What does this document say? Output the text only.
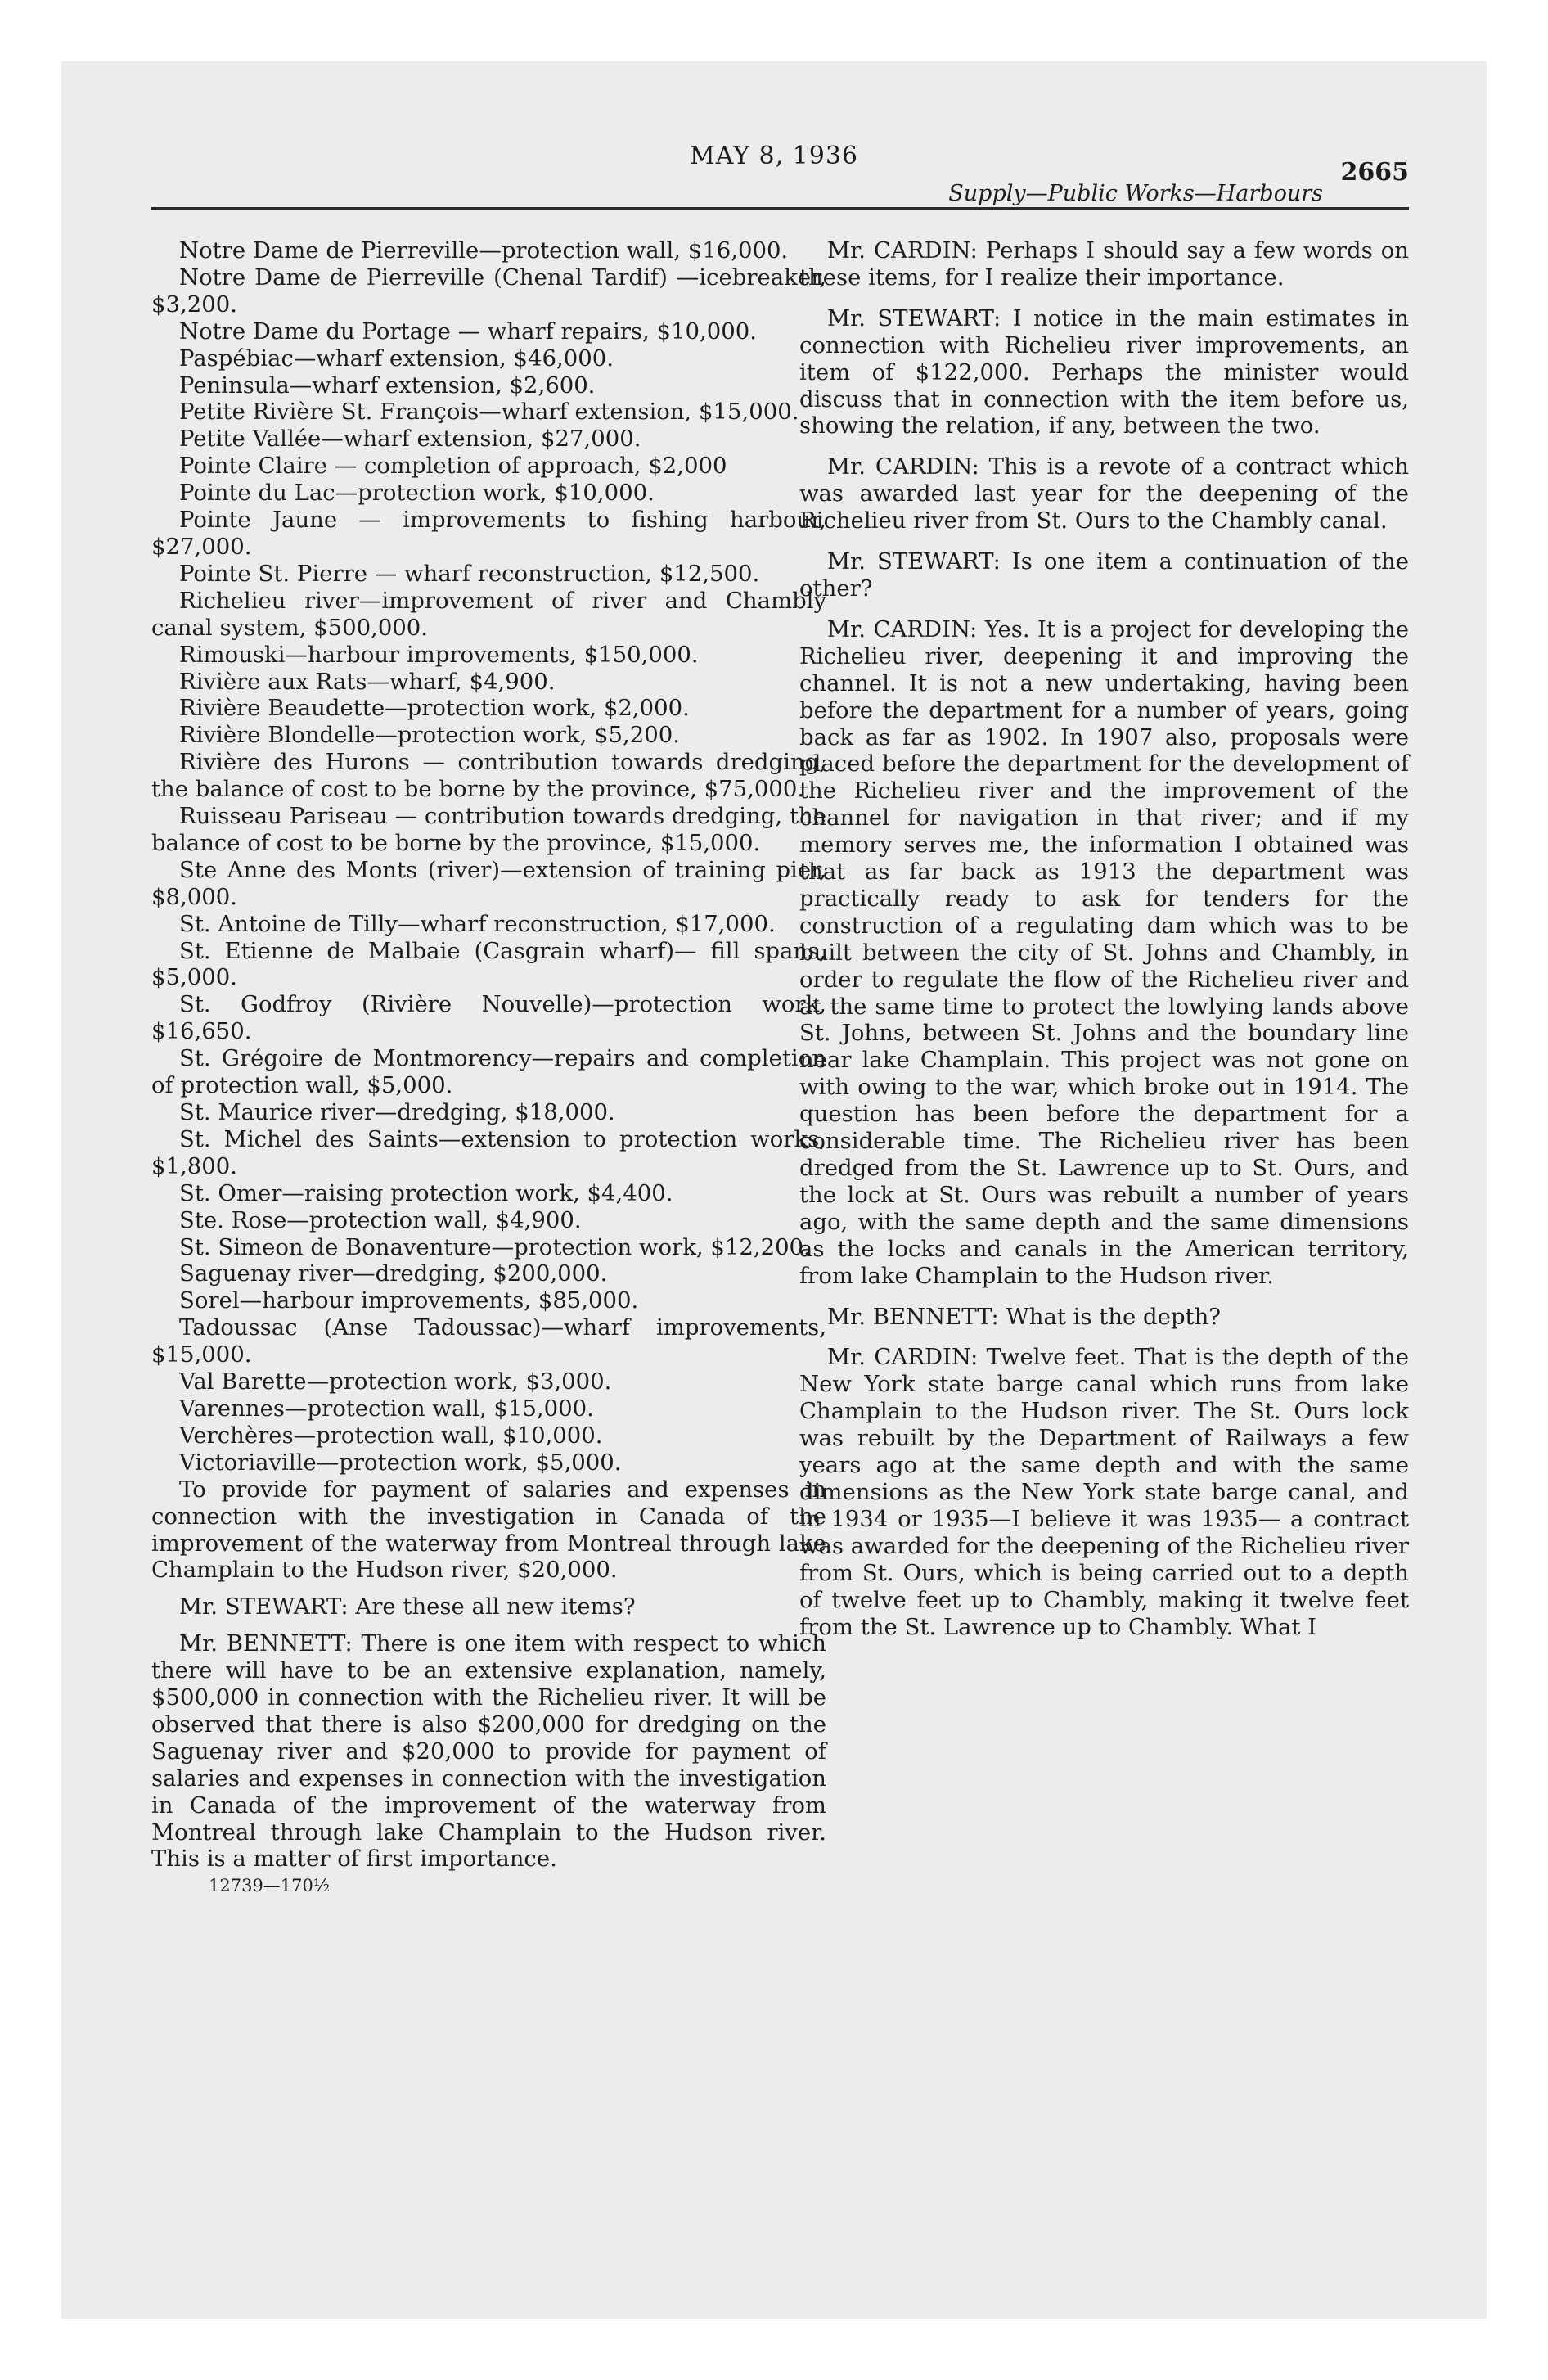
MAY 8, 1936
2665
Supply—Public Works—Harbours

Notre Dame de Pierreville—protection wall, $16,000.

Notre Dame de Pierreville (Chenal Tardif) —icebreaker, $3,200.

Notre Dame du Portage — wharf repairs, $10,000.

Paspébiac—wharf extension, $46,000.

Peninsula—wharf extension, $2,600.

Petite Rivière St. François—wharf extension, $15,000.

Petite Vallée—wharf extension, $27,000.

Pointe Claire — completion of approach, $2,000

Pointe du Lac—protection work, $10,000.

Pointe Jaune — improvements to fishing harbour, $27,000.

Pointe St. Pierre — wharf reconstruction, $12,500.

Richelieu river—improvement of river and Chambly canal system, $500,000.

Rimouski—harbour improvements, $150,000.

Rivière aux Rats—wharf, $4,900.

Rivière Beaudette—protection work, $2,000.

Rivière Blondelle—protection work, $5,200.

Rivière des Hurons — contribution towards dredging, the balance of cost to be borne by the province, $75,000.

Ruisseau Pariseau — contribution towards dredging, the balance of cost to be borne by the province, $15,000.

Ste Anne des Monts (river)—extension of training pier, $8,000.

St. Antoine de Tilly—wharf reconstruction, $17,000.

St. Etienne de Malbaie (Casgrain wharf)— fill spans, $5,000.

St. Godfroy (Rivière Nouvelle)—protection work, $16,650.

St. Grégoire de Montmorency—repairs and completion of protection wall, $5,000.

St. Maurice river—dredging, $18,000.

St. Michel des Saints—extension to protection works, $1,800.

St. Omer—raising protection work, $4,400.

Ste. Rose—protection wall, $4,900.

St. Simeon de Bonaventure—protection work, $12,200.

Saguenay river—dredging, $200,000.

Sorel—harbour improvements, $85,000.

Tadoussac (Anse Tadoussac)—wharf improvements, $15,000.

Val Barette—protection work, $3,000.

Varennes—protection wall, $15,000.

Verchères—protection wall, $10,000.

Victoriaville—protection work, $5,000.

To provide for payment of salaries and expenses in connection with the investigation in Canada of the improvement of the waterway from Montreal through lake Champlain to the Hudson river, $20,000.

Mr. STEWART: Are these all new items?

Mr. BENNETT: There is one item with respect to which there will have to be an extensive explanation, namely, $500,000 in connection with the Richelieu river. It will be observed that there is also $200,000 for dredging on the Saguenay river and $20,000 to provide for payment of salaries and expenses in connection with the investigation in Canada of the improvement of the waterway from Montreal through lake Champlain to the Hudson river. This is a matter of first importance.

12739—170½

Mr. CARDIN: Perhaps I should say a few words on these items, for I realize their importance.

Mr. STEWART: I notice in the main estimates in connection with Richelieu river improvements, an item of $122,000. Perhaps the minister would discuss that in connection with the item before us, showing the relation, if any, between the two.

Mr. CARDIN: This is a revote of a contract which was awarded last year for the deepening of the Richelieu river from St. Ours to the Chambly canal.

Mr. STEWART: Is one item a continuation of the other?

Mr. CARDIN: Yes. It is a project for developing the Richelieu river, deepening it and improving the channel. It is not a new undertaking, having been before the department for a number of years, going back as far as 1902. In 1907 also, proposals were placed before the department for the development of the Richelieu river and the improvement of the channel for navigation in that river; and if my memory serves me, the information I obtained was that as far back as 1913 the department was practically ready to ask for tenders for the construction of a regulating dam which was to be built between the city of St. Johns and Chambly, in order to regulate the flow of the Richelieu river and at the same time to protect the lowlying lands above St. Johns, between St. Johns and the boundary line near lake Champlain. This project was not gone on with owing to the war, which broke out in 1914. The question has been before the department for a considerable time. The Richelieu river has been dredged from the St. Lawrence up to St. Ours, and the lock at St. Ours was rebuilt a number of years ago, with the same depth and the same dimensions as the locks and canals in the American territory, from lake Champlain to the Hudson river.

Mr. BENNETT: What is the depth?

Mr. CARDIN: Twelve feet. That is the depth of the New York state barge canal which runs from lake Champlain to the Hudson river. The St. Ours lock was rebuilt by the Department of Railways a few years ago at the same depth and with the same dimensions as the New York state barge canal, and in 1934 or 1935—I believe it was 1935— a contract was awarded for the deepening of the Richelieu river from St. Ours, which is being carried out to a depth of twelve feet up to Chambly, making it twelve feet from the St. Lawrence up to Chambly. What I
